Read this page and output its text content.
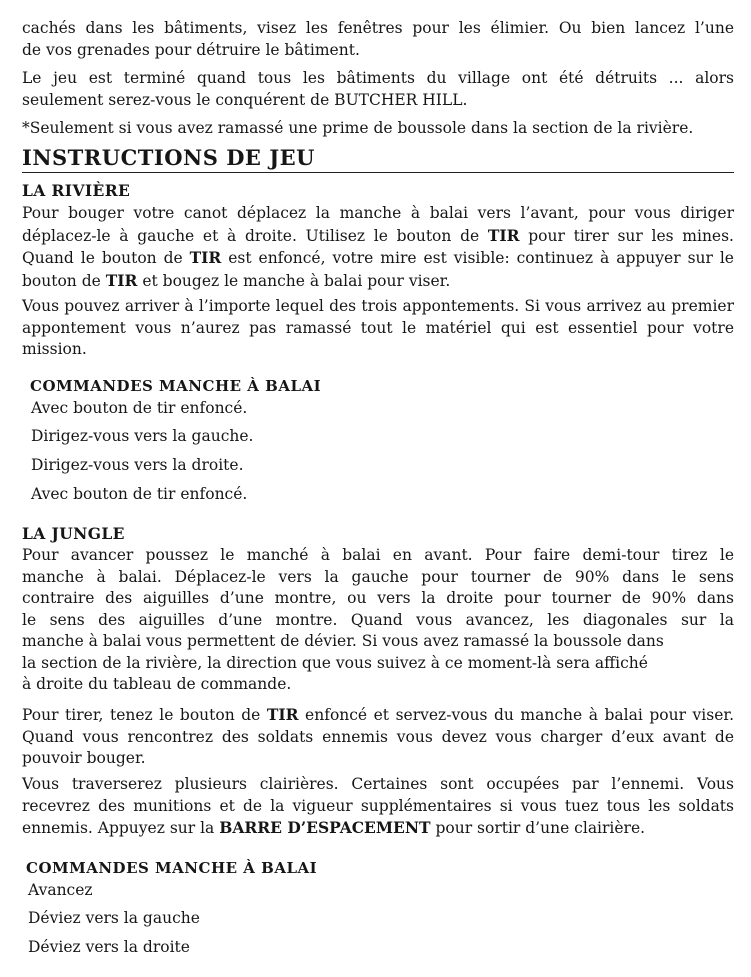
cachés dans les bâtiments, visez les fenêtres pour les élimier. Ou bien lancez l’une
de vos grenades pour détruire le bâtiment.

Le jeu est terminé quand tous les bâtiments du village ont été détruits ... alors
seulement serez-vous le conquérent de BUTCHER HILL.

*Seulement si vous avez ramassé une prime de boussole dans la section de la rivière.

INSTRUCTIONS DE JEU
LA RIVIÈRE

Pour bouger votre canot déplacez la manche à balai vers l’avant, pour vous diriger déplacez-le à gauche et à droite. Utilisez le bouton de TIR pour tirer sur les mines. Quand le bouton de TIR est enfoncé, votre mire est visible: continuez à appuyer sur le bouton de TIR et bougez le manche à balai pour viser.

Vous pouvez arriver à l’importe lequel des trois appontements. Si vous arrivez au premier appontement vous n’aurez pas ramassé tout le matériel qui est essentiel pour votre mission.

COMMANDES MANCHE À BALAI
Avec bouton de tir enfoncé.
Dirigez-vous vers la gauche.
Dirigez-vous vers la droite.
Avec bouton de tir enfoncé.
LA JUNGLE

Pour avancer poussez le manché à balai en avant. Pour faire demi-tour tirez le
manche à balai. Déplacez-le vers la gauche pour tourner de 90% dans le sens
contraire des aiguilles d’une montre, ou vers la droite pour tourner de 90% dans
le sens des aiguilles d’une montre. Quand vous avancez, les diagonales sur la
manche à balai vous permettent de dévier. Si vous avez ramassé la boussole dans
la section de la rivière, la direction que vous suivez à ce moment-là sera affiché
à droite du tableau de commande.

Pour tirer, tenez le bouton de TIR enfoncé et servez-vous du manche à balai pour viser. Quand vous rencontrez des soldats ennemis vous devez vous charger d’eux avant de pouvoir bouger.

Vous traverserez plusieurs clairières. Certaines sont occupées par l’ennemi. Vous recevrez des munitions et de la vigueur supplémentaires si vous tuez tous les soldats ennemis. Appuyez sur la BARRE D’ESPACEMENT pour sortir d’une clairière.

COMMANDES MANCHE À BALAI
Avancez
Déviez vers la gauche
Déviez vers la droite
